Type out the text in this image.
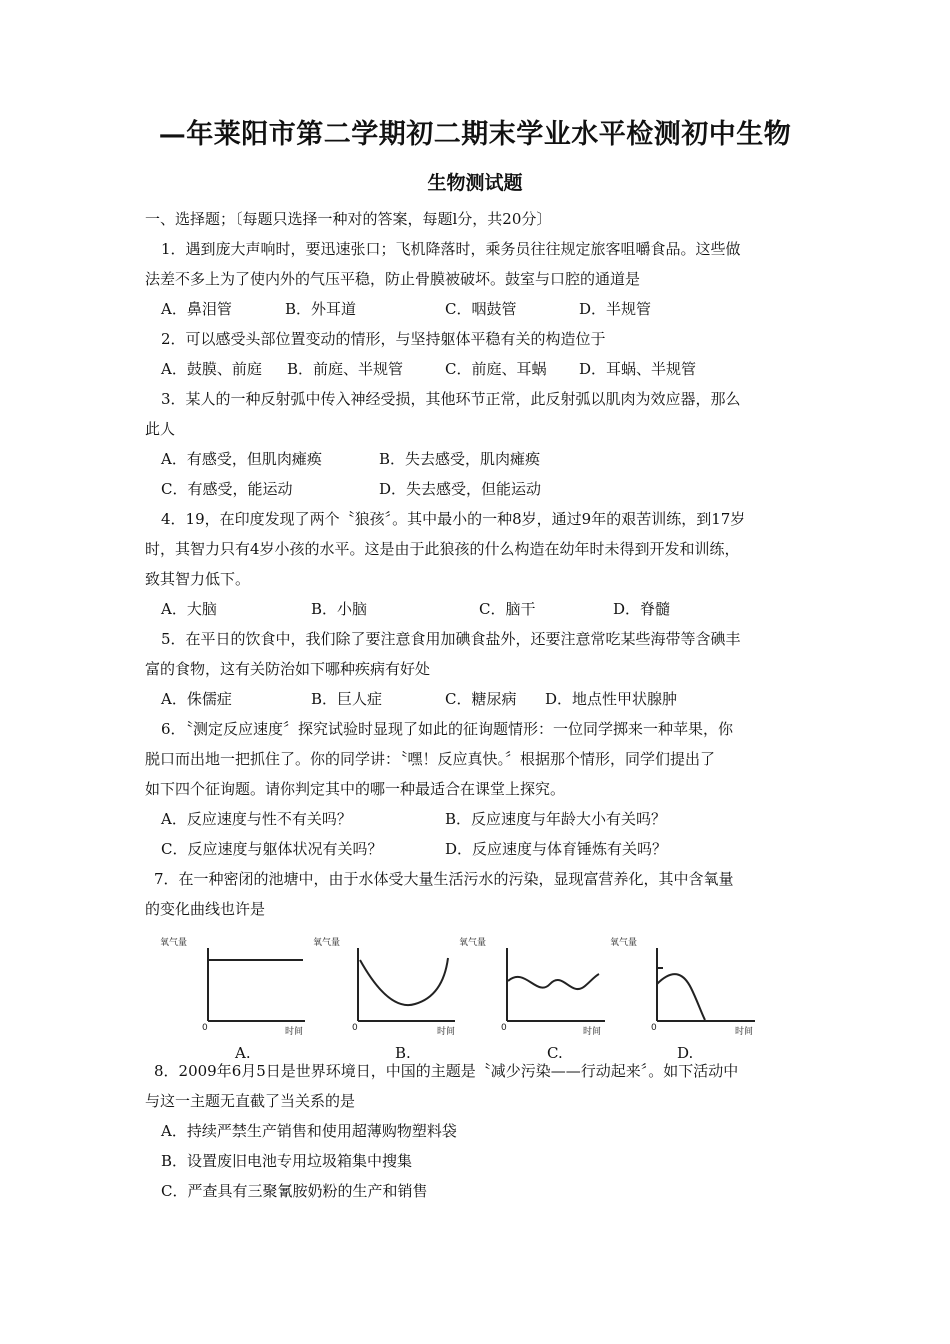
—年莱阳市第二学期初二期末学业水平检测初中生物
生物测试题
一、选择题；〔每题只选择一种对的答案，每题l分，共20分〕
1．遇到庞大声响时，要迅速张口；飞机降落时，乘务员往往规定旅客咀嚼食品。这些做
法差不多上为了使内外的气压平稳，防止骨膜被破坏。鼓室与口腔的通道是
A．鼻泪管	B．外耳道	C．咽鼓管	D．半规管
2．可以感受头部位置变动的情形，与坚持躯体平稳有关的构造位于
A．鼓膜、前庭	B．前庭、半规管	C．前庭、耳蜗	D．耳蜗、半规管
3．某人的一种反射弧中传入神经受损，其他环节正常，此反射弧以肌肉为效应器，那么
此人
A．有感受，但肌肉瘫痪	B．失去感受，肌肉瘫痪
C．有感受，能运动	D．失去感受，但能运动
4．19，在印度发现了两个〝狼孩〞。其中最小的一种8岁，通过9年的艰苦训练，到17岁
时，其智力只有4岁小孩的水平。这是由于此狼孩的什么构造在幼年时未得到开发和训练，
致其智力低下。
A．大脑	B．小脑	C．脑干	D．脊髓
5．在平日的饮食中，我们除了要注意食用加碘食盐外，还要注意常吃某些海带等含碘丰
富的食物，这有关防治如下哪种疾病有好处
A．侏儒症	B．巨人症	C．糖尿病	D．地点性甲状腺肿
6．〝测定反应速度〞探究试验时显现了如此的征询题情形：一位同学掷来一种苹果，你
脱口而出地一把抓住了。你的同学讲：〝嘿！反应真快。〞根据那个情形，同学们提出了
如下四个征询题。请你判定其中的哪一种最适合在课堂上探究。
A．反应速度与性不有关吗？	B．反应速度与年龄大小有关吗？
C．反应速度与躯体状况有关吗？	D．反应速度与体育锤炼有关吗？
7．在一种密闭的池塘中，由于水体受大量生活污水的污染，显现富营养化，其中含氧量
的变化曲线也许是
氧气量
0	时间
氧气量
0	时间
氧气量
0	时间
氧气量
0	时间
A.	B.	C.	D.
8．2009年6月5日是世界环境日，中国的主题是〝减少污染——行动起来〞。如下活动中
与这一主题无直截了当关系的是
A．持续严禁生产销售和使用超薄购物塑料袋
B．设置废旧电池专用垃圾箱集中搜集
C．严查具有三聚氰胺奶粉的生产和销售
